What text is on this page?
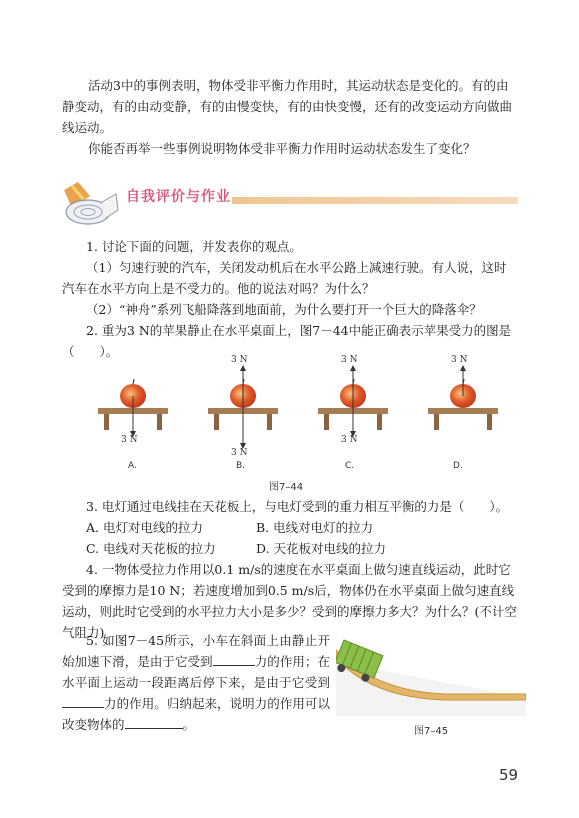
活动3中的事例表明，物体受非平衡力作用时，其运动状态是变化的。有的由静变动，有的由动变静，有的由慢变快，有的由快变慢，还有的改变运动方向做曲线运动。

你能否再举一些事例说明物体受非平衡力作用时运动状态发生了变化？

自我评价与作业

1. 讨论下面的问题，并发表你的观点。

（1）匀速行驶的汽车，关闭发动机后在水平公路上减速行驶。有人说，这时汽车在水平方向上是不受力的。他的说法对吗？为什么？

（2）“神舟”系列飞船降落到地面前，为什么要打开一个巨大的降落伞？

2. 重为3 N的苹果静止在水平桌面上，图7－44中能正确表示苹果受力的图是（　　）。

3 N	3 N	3 N
3 N
3 N
3 N
A.	B.	C.	D.
图7–44

3. 电灯通过电线挂在天花板上，与电灯受到的重力相互平衡的力是（　　）。

A. 电灯对电线的拉力	B. 电线对电灯的拉力
C. 电线对天花板的拉力	D. 天花板对电线的拉力

4. 一物体受拉力作用以0.1 m/s的速度在水平桌面上做匀速直线运动，此时它受到的摩擦力是10 N；若速度增加到0.5 m/s后，物体仍在水平桌面上做匀速直线运动，则此时它受到的水平拉力大小是多少？受到的摩擦力多大？为什么？(不计空气阻力)

5. 如图7－45所示，小车在斜面上由静止开始加速下滑，是由于它受到	力的作用；在水平面上运动一段距离后停下来，是由于它受到力的作用。归纳起来，说明力的作用可以改变物体的	。	图7–45
59
